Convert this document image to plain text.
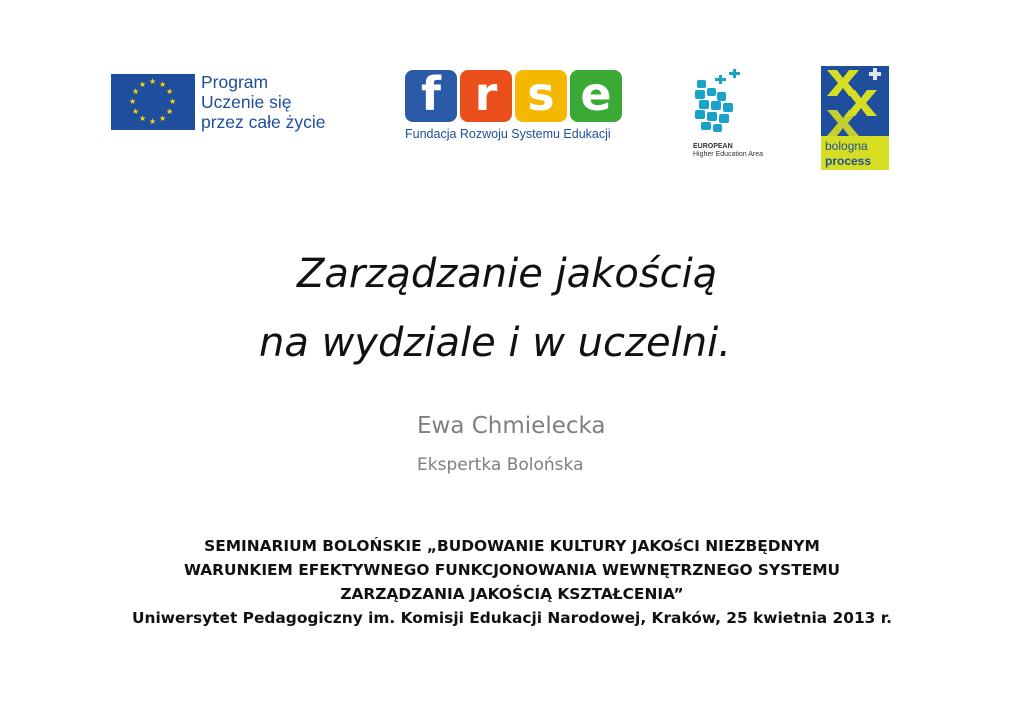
★ ★
★
★
★
★
★
★
★
★
★
★	Program
Uczenie się
przez całe życie
f r s e
Fundacja Rozwoju Systemu Edukacji
EUROPEAN
Higher Education Area
bologna
process
Zarządzanie jakością
na wydziale i w uczelni.
Ewa Chmielecka
Ekspertka Bolońska
SEMINARIUM BOLOŃSKIE „BUDOWANIE KULTURY JAKOśCI NIEZBĘDNYM
WARUNKIEM EFEKTYWNEGO FUNKCJONOWANIA WEWNĘTRZNEGO SYSTEMU
ZARZĄDZANIA JAKOŚCIĄ KSZTAŁCENIA”
Uniwersytet Pedagogiczny im. Komisji Edukacji Narodowej, Kraków, 25 kwietnia 2013 r.
